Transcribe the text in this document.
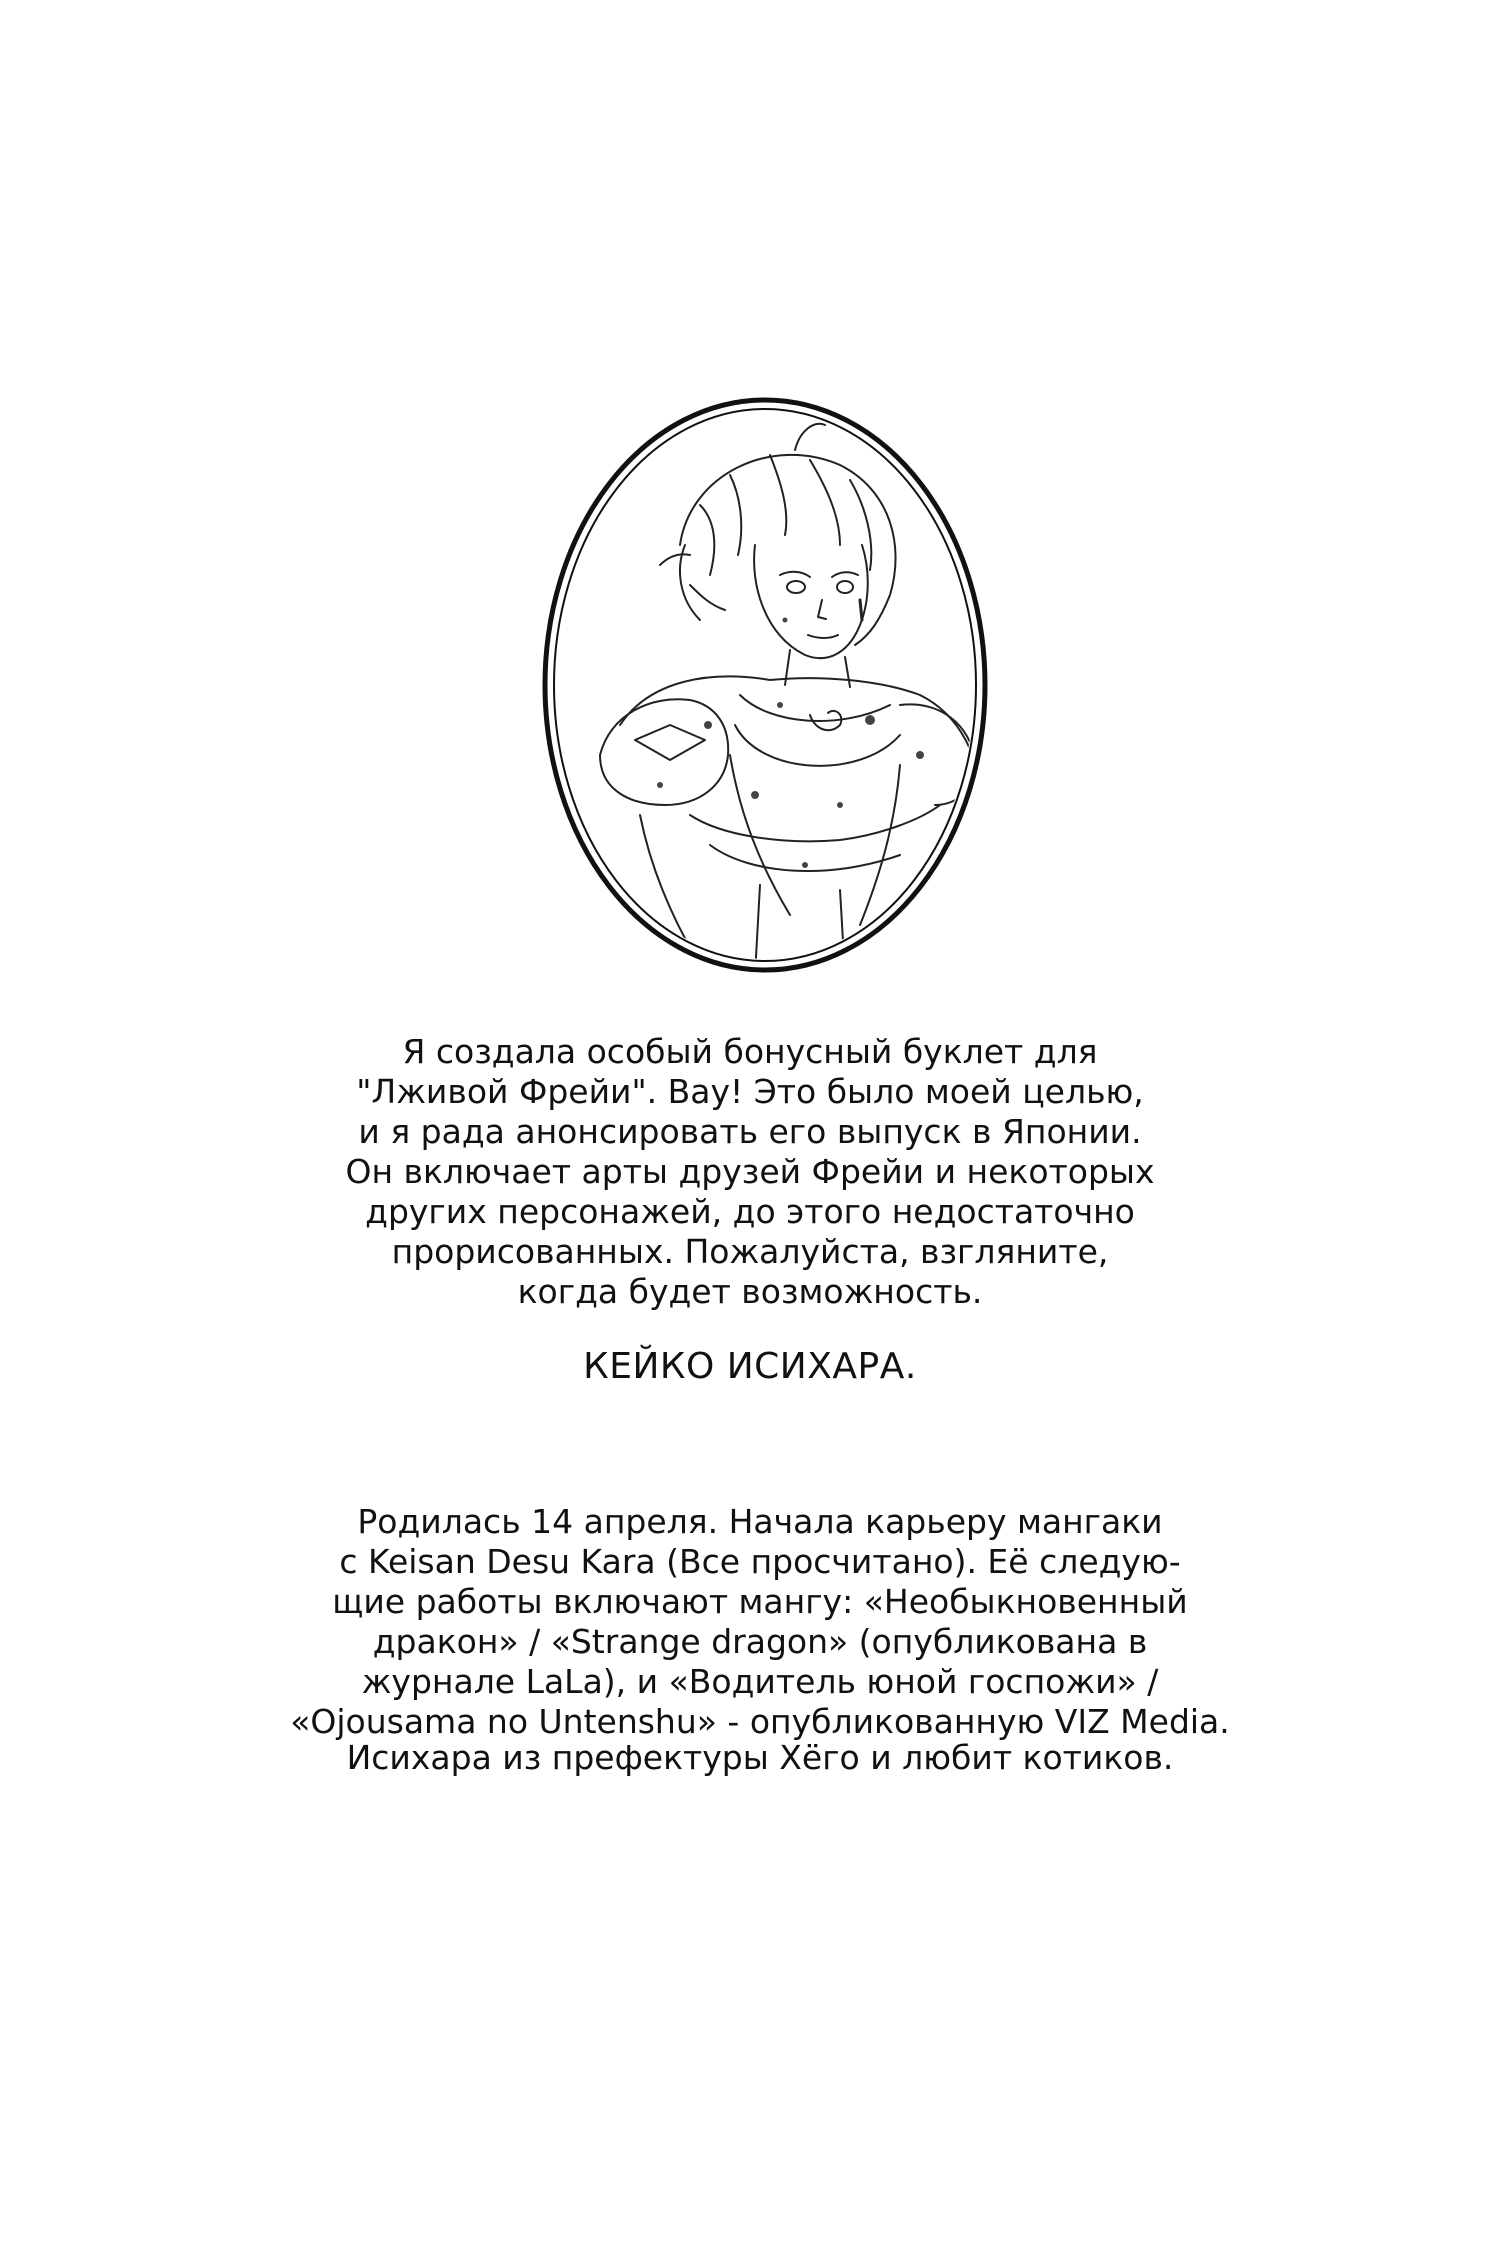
Я создала особый бонусный буклет для
"Лживой Фрейи". Вау! Это было моей целью,
и я рада анонсировать его выпуск в Японии.
Он включает арты друзей Фрейи и некоторых
других персонажей, до этого недостаточно
прорисованных. Пожалуйста, взгляните,
когда будет возможность.
КЕЙКО ИСИХАРА.
Родилась 14 апреля. Начала карьеру мангаки
с Keisan Desu Kara (Все просчитано). Её следую-
щие работы включают мангу: «Необыкновенный
дракон» / «Strange dragon» (опубликована в
журнале LaLa), и «Водитель юной госпожи» /
«Ojousama no Untenshu» - опубликованную VIZ Media.
Исихара из префектуры Хёго и любит котиков.
